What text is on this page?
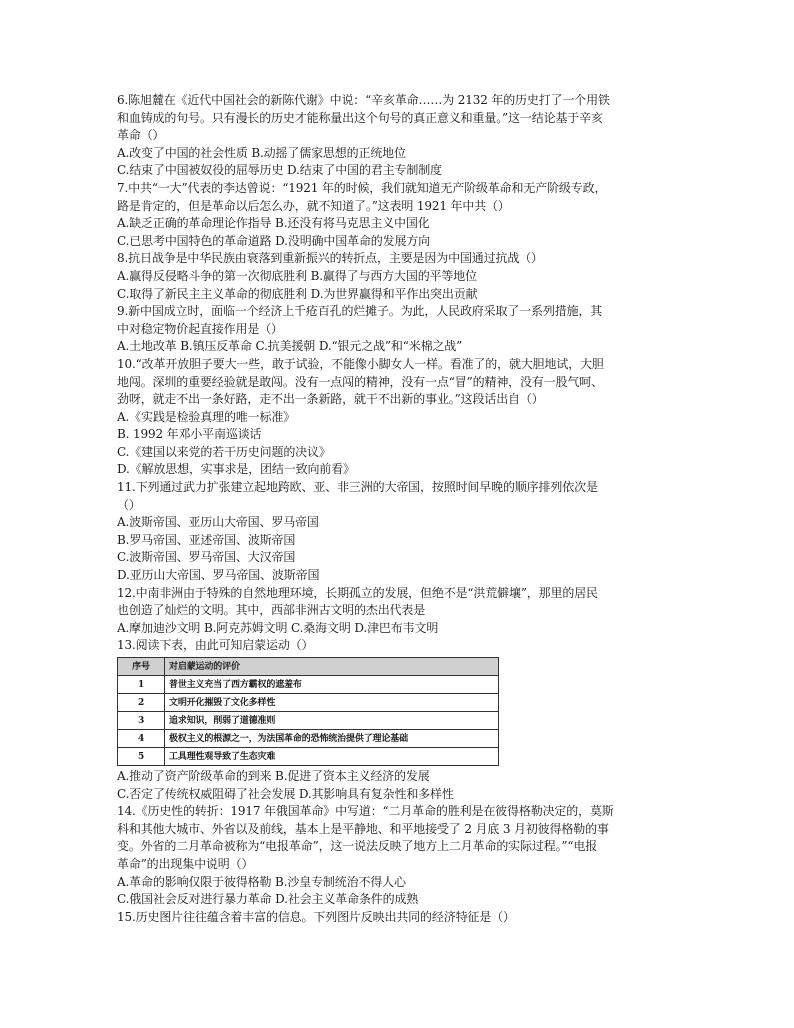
6.陈旭麓在《近代中国社会的新陈代谢》中说：“辛亥革命……为 2132 年的历史打了一个用铁
和血铸成的句号。只有漫长的历史才能称量出这个句号的真正意义和重量。”这一结论基于辛亥
革命（）
A.改变了中国的社会性质 B.动摇了儒家思想的正统地位
C.结束了中国被奴役的屈辱历史 D.结束了中国的君主专制制度
7.中共“一大”代表的李达曾说：“1921 年的时候，我们就知道无产阶级革命和无产阶级专政，
路是肯定的，但是革命以后怎么办，就不知道了。”这表明 1921 年中共（）
A.缺乏正确的革命理论作指导 B.还没有将马克思主义中国化
C.已思考中国特色的革命道路 D.没明确中国革命的发展方向
8.抗日战争是中华民族由衰落到重新振兴的转折点，主要是因为中国通过抗战（）
A.赢得反侵略斗争的第一次彻底胜利 B.赢得了与西方大国的平等地位
C.取得了新民主主义革命的彻底胜利 D.为世界赢得和平作出突出贡献
9.新中国成立时，面临一个经济上千疮百孔的烂摊子。为此，人民政府采取了一系列措施，其
中对稳定物价起直接作用是（）
A.土地改革 B.镇压反革命 C.抗美援朝 D.“银元之战”和“米棉之战”
10.“改革开放胆子要大一些，敢于试验，不能像小脚女人一样。看准了的，就大胆地试，大胆
地闯。深圳的重要经验就是敢闯。没有一点闯的精神，没有一点“冒”的精神，没有一股气呵、
劲呀，就走不出一条好路，走不出一条新路，就干不出新的事业。”这段话出自（）
A.《实践是检验真理的唯一标准》
B. 1992 年邓小平南巡谈话
C.《建国以来党的若干历史问题的决议》
D.《解放思想，实事求是，团结一致向前看》
11.下列通过武力扩张建立起地跨欧、亚、非三洲的大帝国，按照时间早晚的顺序排列依次是
（）
A.波斯帝国、亚历山大帝国、罗马帝国
B.罗马帝国、亚述帝国、波斯帝国
C.波斯帝国、罗马帝国、大汉帝国
D.亚历山大帝国、罗马帝国、波斯帝国
12.中南非洲由于特殊的自然地理环境，长期孤立的发展，但绝不是“洪荒僻壤”，那里的居民
也创造了灿烂的文明。其中，西部非洲古文明的杰出代表是
A.摩加迪沙文明 B.阿克苏姆文明 C.桑海文明 D.津巴布韦文明
13.阅读下表，由此可知启蒙运动（）
序号	对启蒙运动的评价
1	普世主义充当了西方霸权的遮羞布
2	文明开化摧毁了文化多样性
3	追求知识，削弱了道德准则
4	极权主义的根源之一，为法国革命的恐怖统治提供了理论基础
5	工具理性观导致了生态灾难
A.推动了资产阶级革命的到来 B.促进了资本主义经济的发展
C.否定了传统权威阻碍了社会发展 D.其影响具有复杂性和多样性
14.《历史性的转折：1917 年俄国革命》中写道：“二月革命的胜利是在彼得格勒决定的，莫斯
科和其他大城市、外省以及前线，基本上是平静地、和平地接受了 2 月底 3 月初彼得格勒的事
变。外省的二月革命被称为“电报革命”，这一说法反映了地方上二月革命的实际过程。”“电报
革命”的出现集中说明（）
A.革命的影响仅限于彼得格勒 B.沙皇专制统治不得人心
C.俄国社会反对进行暴力革命 D.社会主义革命条件的成熟
15.历史图片往往蕴含着丰富的信息。下列图片反映出共同的经济特征是（）
